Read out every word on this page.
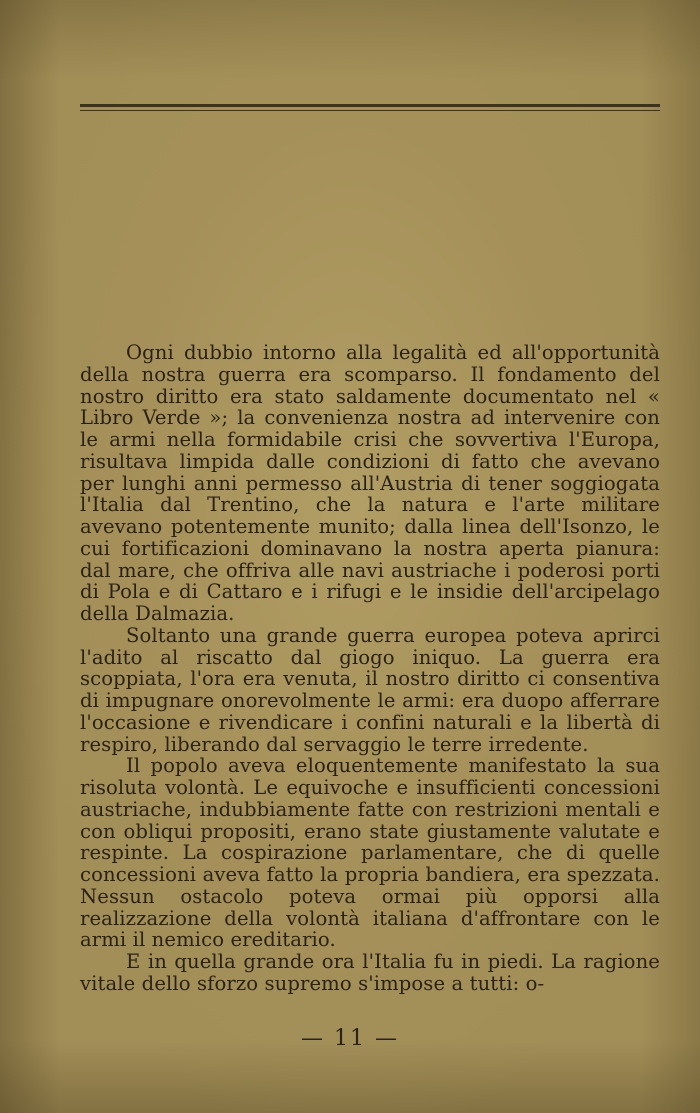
Ogni dubbio intorno alla legalità ed all'opportunità della nostra guerra era scomparso. Il fondamento del nostro diritto era stato saldamente documentato nel « Libro Verde »; la convenienza nostra ad intervenire con le armi nella formidabile crisi che sovvertiva l'Europa, risultava limpida dalle condizioni di fatto che avevano per lunghi anni permesso all'Austria di tener soggiogata l'Italia dal Trentino, che la natura e l'arte militare avevano potentemente munito; dalla linea dell'Isonzo, le cui fortificazioni dominavano la nostra aperta pianura: dal mare, che offriva alle navi austriache i poderosi porti di Pola e di Cattaro e i rifugi e le insidie dell'arcipelago della Dalmazia.

Soltanto una grande guerra europea poteva aprirci l'adito al riscatto dal giogo iniquo. La guerra era scoppiata, l'ora era venuta, il nostro diritto ci consentiva di impugnare onorevolmente le armi: era duopo afferrare l'occasione e rivendicare i confini naturali e la libertà di respiro, liberando dal servaggio le terre irredente.

Il popolo aveva eloquentemente manifestato la sua risoluta volontà. Le equivoche e insufficienti concessioni austriache, indubbiamente fatte con restrizioni mentali e con obliqui propositi, erano state giustamente valutate e respinte. La cospirazione parlamentare, che di quelle concessioni aveva fatto la propria bandiera, era spezzata. Nessun ostacolo poteva ormai più opporsi alla realizzazione della volontà italiana d'affrontare con le armi il nemico ereditario.

E in quella grande ora l'Italia fu in piedi. La ragione vitale dello sforzo supremo s'impose a tutti: o-

— 11 —
